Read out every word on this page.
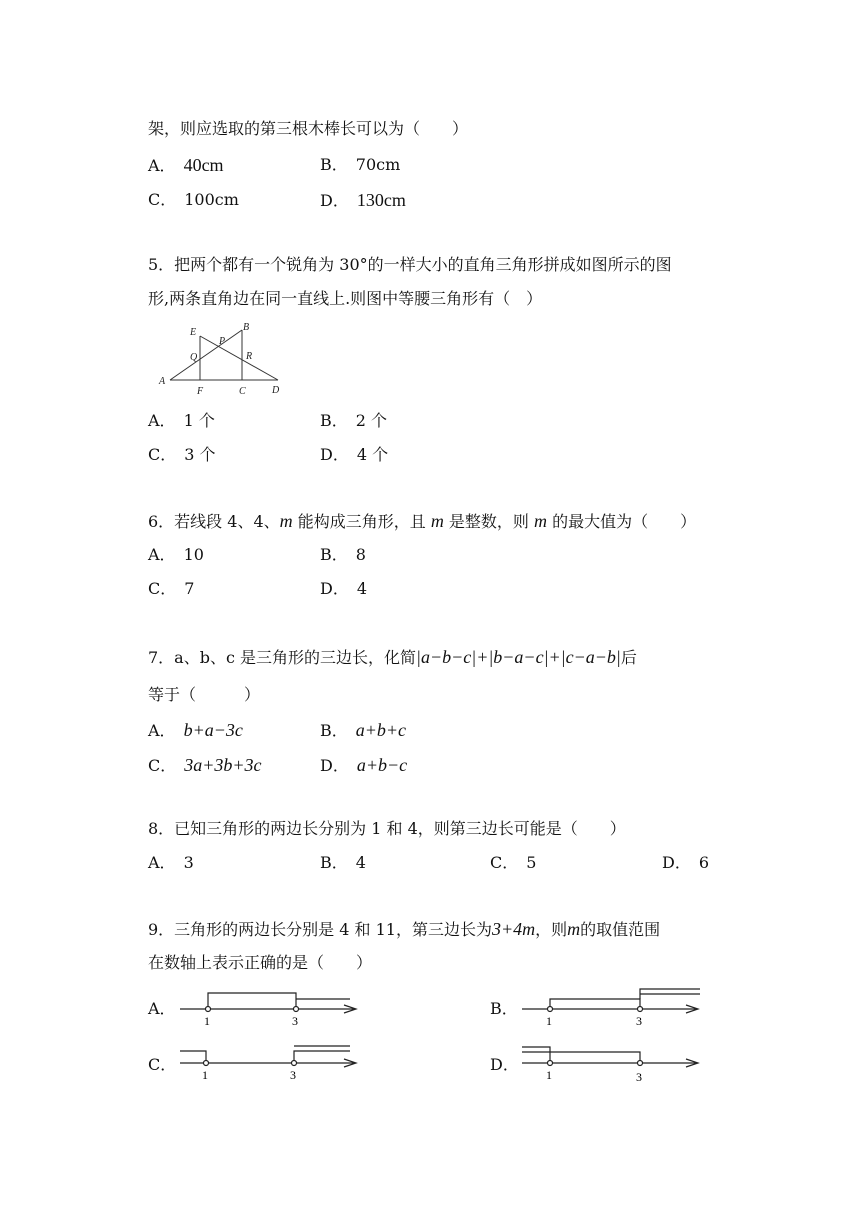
架，则应选取的第三根木棒长可以为（　　）
A． 40cm	B． 70cm
C． 100cm	D． 130cm
5．把两个都有一个锐角为 30°的一样大小的直角三角形拼成如图所示的图
形,两条直角边在同一直线上.则图中等腰三角形有（　）
E	B
P
Q	R
A
F	C	D
A． 1 个	B． 2 个
C． 3 个	D． 4 个
6．若线段 4、4、m 能构成三角形，且 m 是整数，则 m 的最大值为（　　）
A． 10	B． 8
C． 7	D． 4
7．a、b、c 是三角形的三边长，化简|a−b−c|+|b−a−c|+|c−a−b|后
等于（　　　）
A． b+a−3c	B． a+b+c
C． 3a+3b+3c	D． a+b−c
8．已知三角形的两边长分别为 1 和 4，则第三边长可能是（　　）
A． 3	B． 4	C． 5	D． 6
9．三角形的两边长分别是 4 和 11，第三边长为3+4m，则m的取值范围
在数轴上表示正确的是（　　）
A．
1	3
B．
1	3
C．
1	3
D．
1	3
